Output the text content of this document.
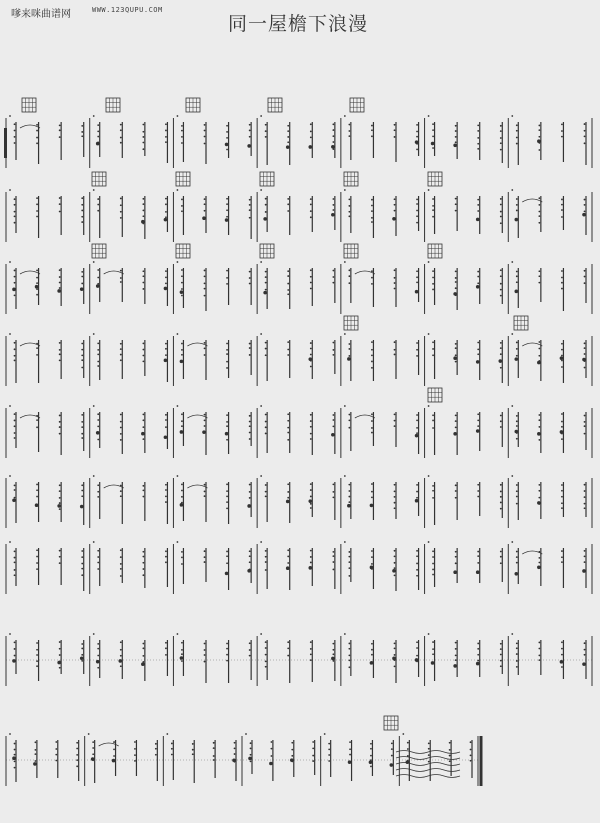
嗲来咪曲谱网	WWW.123QUPU.COM
同一屋檐下浪漫
